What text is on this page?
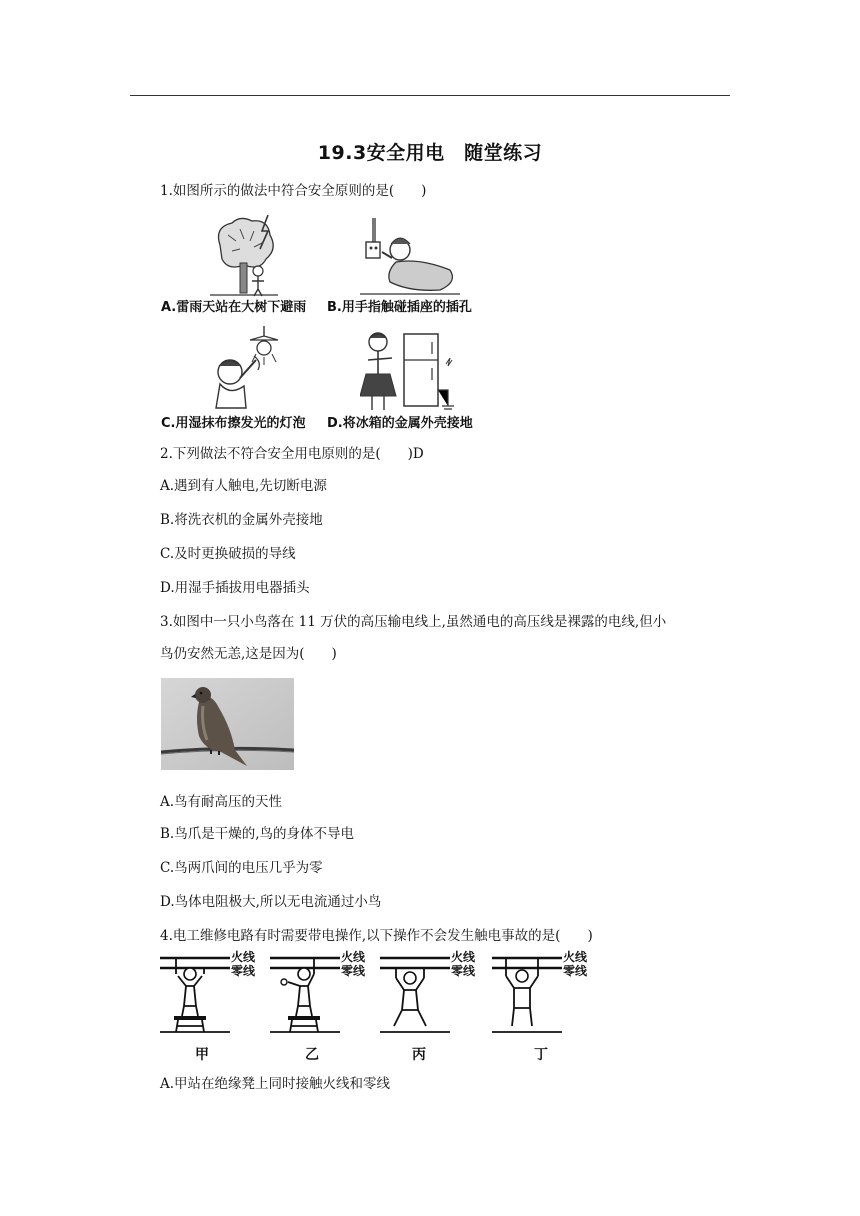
19.3安全用电　随堂练习
1.如图所示的做法中符合安全原则的是(　　)
A.雷雨天站在大树下避雨 B.用手指触碰插座的插孔
C.用湿抹布擦发光的灯泡 D.将冰箱的金属外壳接地
2.下列做法不符合安全用电原则的是(　　)D
A.遇到有人触电,先切断电源
B.将洗衣机的金属外壳接地
C.及时更换破损的导线
D.用湿手插拔用电器插头
3.如图中一只小鸟落在 11 万伏的高压输电线上,虽然通电的高压线是裸露的电线,但小
鸟仍安然无恙,这是因为(　　)
A.鸟有耐高压的天性
B.鸟爪是干燥的,鸟的身体不导电
C.鸟两爪间的电压几乎为零
D.鸟体电阻极大,所以无电流通过小鸟
4.电工维修电路有时需要带电操作,以下操作不会发生触电事故的是(　　)
火线
零线
火线
零线
火线
零线
火线
零线
甲	乙	丙	丁
A.甲站在绝缘凳上同时接触火线和零线
